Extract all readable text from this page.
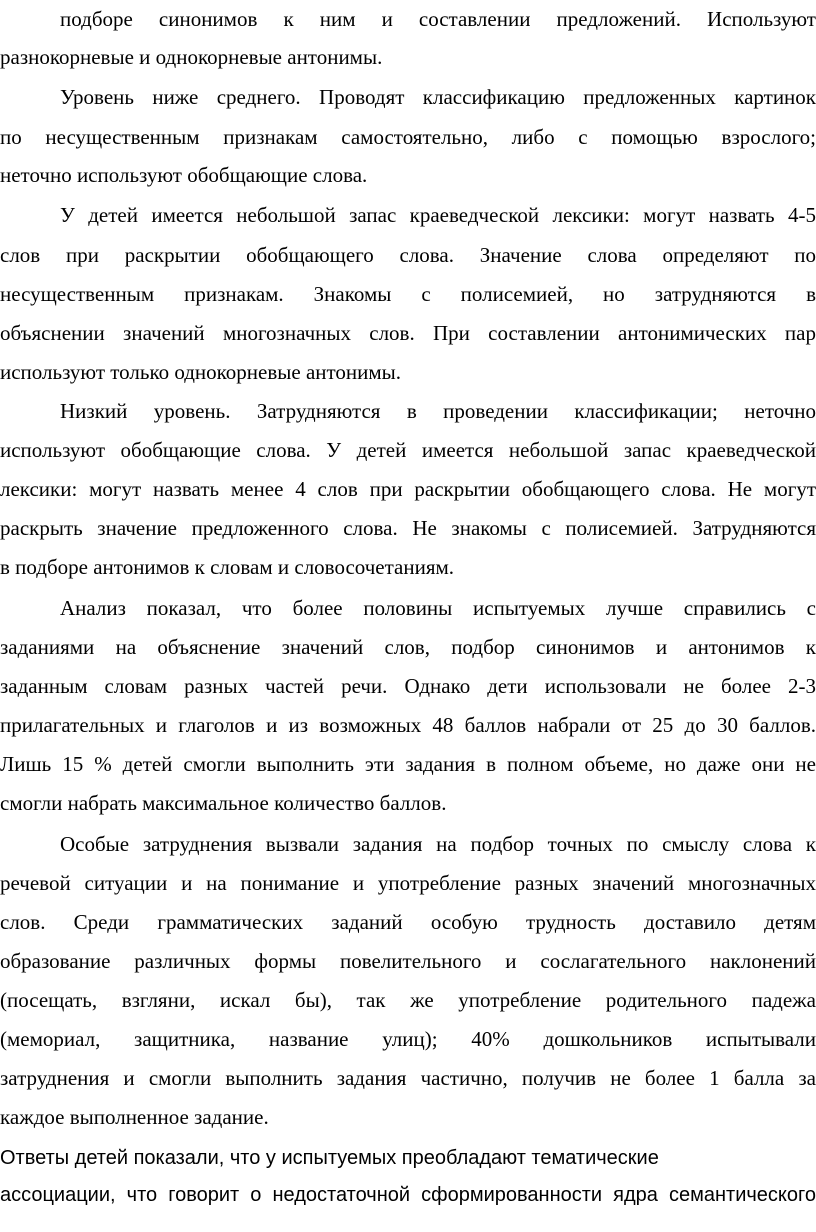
подборе синонимов к ним и составлении предложений. Используют
разнокорневые и однокорневые антонимы.
Уровень ниже среднего. Проводят классификацию предложенных картинок
по несущественным признакам самостоятельно, либо с помощью взрослого;
неточно используют обобщающие слова.
У детей имеется небольшой запас краеведческой лексики: могут назвать 4-5
слов при раскрытии обобщающего слова. Значение слова определяют по
несущественным признакам. Знакомы с полисемией, но затрудняются в
объяснении значений многозначных слов. При составлении антонимических пар
используют только однокорневые антонимы.
Низкий уровень. Затрудняются в проведении классификации; неточно
используют обобщающие слова. У детей имеется небольшой запас краеведческой
лексики: могут назвать менее 4 слов при раскрытии обобщающего слова. Не могут
раскрыть значение предложенного слова. Не знакомы с полисемией. Затрудняются
в подборе антонимов к словам и словосочетаниям.
Анализ показал, что более половины испытуемых лучше справились с
заданиями на объяснение значений слов, подбор синонимов и антонимов к
заданным словам разных частей речи. Однако дети использовали не более 2-3
прилагательных и глаголов и из возможных 48 баллов набрали от 25 до 30 баллов.
Лишь 15 % детей смогли выполнить эти задания в полном объеме, но даже они не
смогли набрать максимальное количество баллов.
Особые затруднения вызвали задания на подбор точных по смыслу слова к
речевой ситуации и на понимание и употребление разных значений многозначных
слов. Среди грамматических заданий особую трудность доставило детям
образование различных формы повелительного и сослагательного наклонений
(посещать, взгляни, искал бы), так же употребление родительного падежа
(мемориал, защитника, название улиц); 40% дошкольников испытывали
затруднения и смогли выполнить задания частично, получив не более 1 балла за
каждое выполненное задание.
Ответы детей показали, что у испытуемых преобладают тематические
ассоциации, что говорит о недостаточной сформированности ядра семантического
